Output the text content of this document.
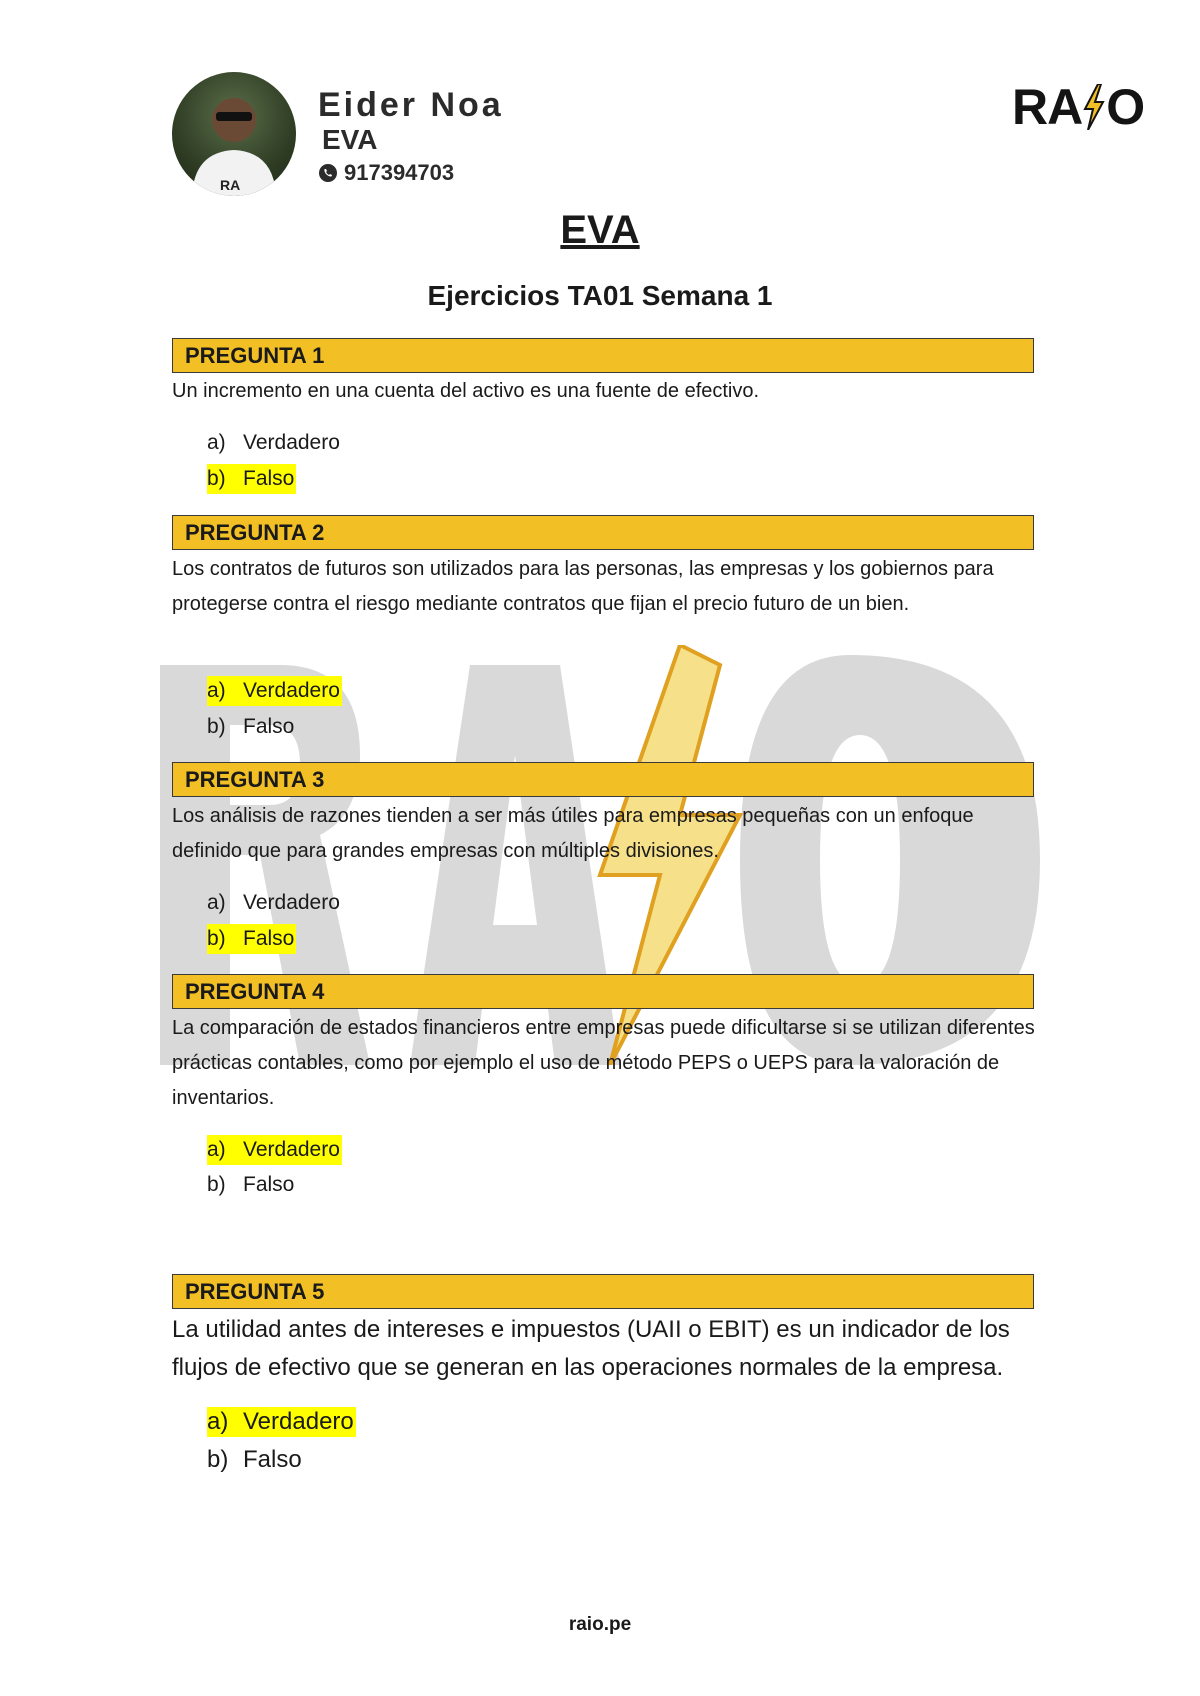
RA
Eider Noa
EVA
917394703
RA O
EVA
Ejercicios TA01 Semana 1
PREGUNTA 1
Un incremento en una cuenta del activo es una fuente de efectivo.
a) Verdadero
b) Falso
PREGUNTA 2
Los contratos de futuros son utilizados para las personas, las empresas y los gobiernos para protegerse contra el riesgo mediante contratos que fijan el precio futuro de un bien.
a) Verdadero
b) Falso
PREGUNTA 3
Los análisis de razones tienden a ser más útiles para empresas pequeñas con un enfoque definido que para grandes empresas con múltiples divisiones.
a) Verdadero
b) Falso
PREGUNTA 4
La comparación de estados financieros entre empresas puede dificultarse si se utilizan diferentes prácticas contables, como por ejemplo el uso de método PEPS o UEPS para la valoración de inventarios.
a) Verdadero
b) Falso
PREGUNTA 5
La utilidad antes de intereses e impuestos (UAII o EBIT) es un indicador de los flujos de efectivo que se generan en las operaciones normales de la empresa.
a) Verdadero
b) Falso
raio.pe
